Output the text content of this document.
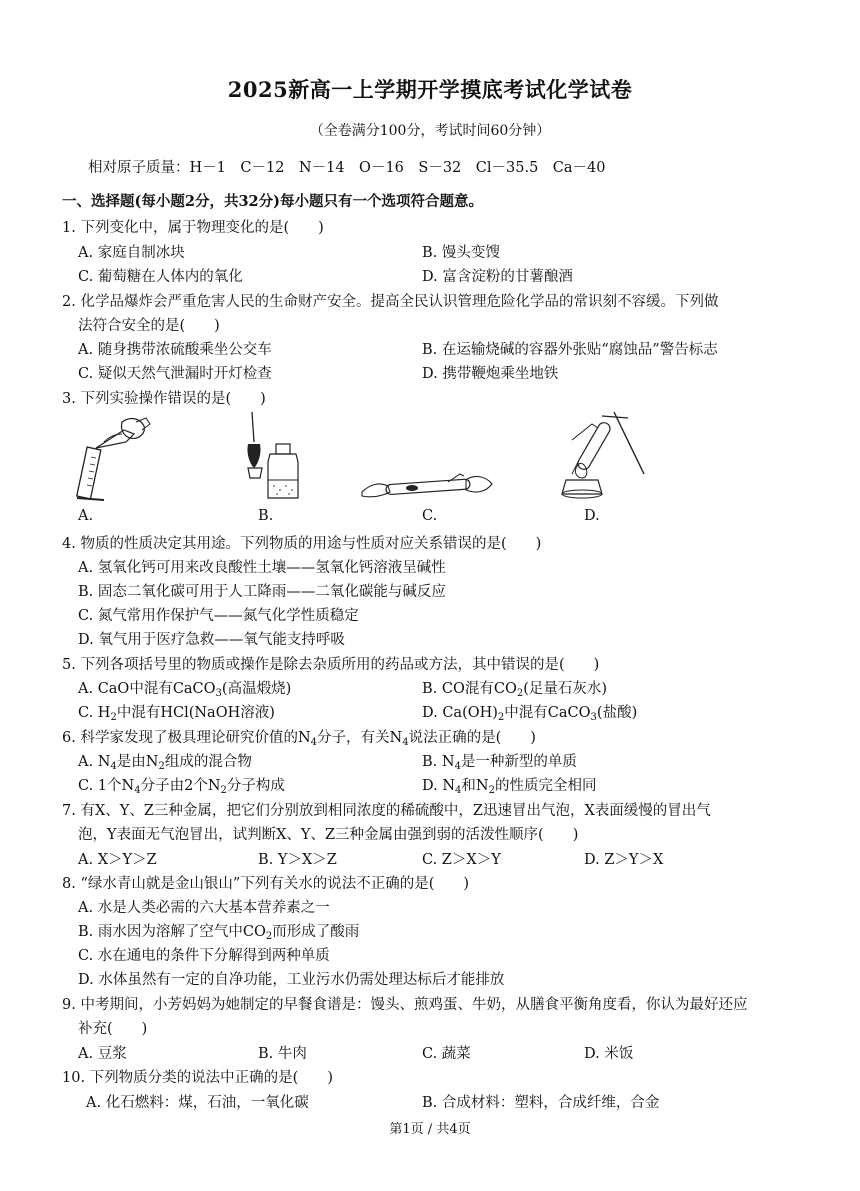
2025新高一上学期开学摸底考试化学试卷
（全卷满分100分，考试时间60分钟）
相对原子质量：H－1　C－12　N－14　O－16　S－32　Cl－35.5　Ca－40
一、选择题(每小题2分，共32分)每小题只有一个选项符合题意。
1. 下列变化中，属于物理变化的是(　　)
A. 家庭自制冰块	B. 馒头变馊
C. 葡萄糖在人体内的氧化	D. 富含淀粉的甘薯酿酒
2. 化学品爆炸会严重危害人民的生命财产安全。提高全民认识管理危险化学品的常识刻不容缓。下列做
法符合安全的是(　　)
A. 随身携带浓硫酸乘坐公交车	B. 在运输烧碱的容器外张贴“腐蚀品”警告标志
C. 疑似天然气泄漏时开灯检查	D. 携带鞭炮乘坐地铁
3. 下列实验操作错误的是(　　)
A.	B.	C.	D.
4. 物质的性质决定其用途。下列物质的用途与性质对应关系错误的是(　　)
A. 氢氧化钙可用来改良酸性土壤——氢氧化钙溶液呈碱性
B. 固态二氧化碳可用于人工降雨——二氧化碳能与碱反应
C. 氮气常用作保护气——氮气化学性质稳定
D. 氧气用于医疗急救——氧气能支持呼吸
5. 下列各项括号里的物质或操作是除去杂质所用的药品或方法，其中错误的是(　　)
A. CaO中混有CaCO$_3$(高温煅烧)	B. CO混有$CO_2$(足量石灰水)
C. $H_2$中混有HCl(NaOH溶液)	D. $Ca(OH)_2$中混有CaCO$_3$(盐酸)
6. 科学家发现了极具理论研究价值的$N_4$分子，有关$N_4$说法正确的是(　　)
A. $N_4$是由$N_2$组成的混合物	B. $N_4$是一种新型的单质
C. 1个$N_4$分子由2个$N_2$分子构成	D. $N_4$和$N_2$的性质完全相同
7. 有X、Y、Z三种金属，把它们分别放到相同浓度的稀硫酸中，Z迅速冒出气泡，X表面缓慢的冒出气
泡，Y表面无气泡冒出，试判断X、Y、Z三种金属由强到弱的活泼性顺序(　　)
A. X＞Y＞Z	B. Y＞X＞Z	C. Z＞X＞Y	D. Z＞Y＞X
8. “绿水青山就是金山银山”下列有关水的说法不正确的是(　　)
A. 水是人类必需的六大基本营养素之一
B. 雨水因为溶解了空气中$CO_2$而形成了酸雨
C. 水在通电的条件下分解得到两种单质
D. 水体虽然有一定的自净功能，工业污水仍需处理达标后才能排放
9. 中考期间，小芳妈妈为她制定的早餐食谱是：馒头、煎鸡蛋、牛奶，从膳食平衡角度看，你认为最好还应
补充(　　)
A. 豆浆	B. 牛肉	C. 蔬菜	D. 米饭
10. 下列物质分类的说法中正确的是(　　)
A. 化石燃料：煤，石油，一氧化碳	B. 合成材料：塑料，合成纤维，合金
第1页 / 共4页
